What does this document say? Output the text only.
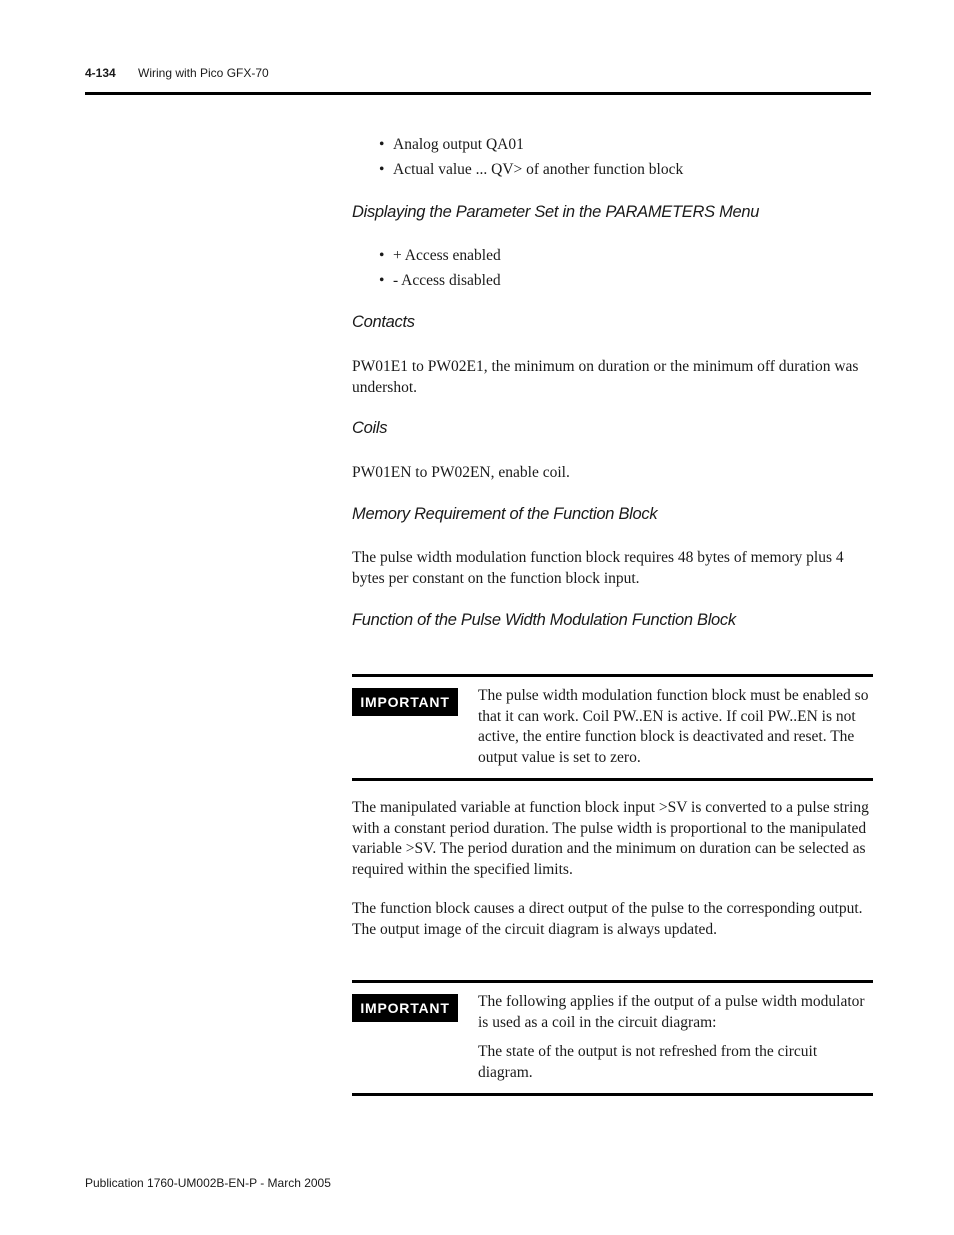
4-134 Wiring with Pico GFX-70
• Analog output QA01
• Actual value ... QV> of another function block
Displaying the Parameter Set in the PARAMETERS Menu
• + Access enabled
• - Access disabled
Contacts

PW01E1 to PW02E1, the minimum on duration or the minimum off duration was undershot.

Coils

PW01EN to PW02EN, enable coil.

Memory Requirement of the Function Block

The pulse width modulation function block requires 48 bytes of memory plus 4 bytes per constant on the function block input.

Function of the Pulse Width Modulation Function Block
IMPORTANT	The pulse width modulation function block must be enabled so that it can work. Coil PW..EN is active. If coil PW..EN is not active, the entire function block is deactivated and reset. The output value is set to zero.

The manipulated variable at function block input >SV is converted to a pulse string with a constant period duration. The pulse width is proportional to the manipulated variable >SV. The period duration and the minimum on duration can be selected as required within the specified limits.

The function block causes a direct output of the pulse to the corresponding output. The output image of the circuit diagram is always updated.

IMPORTANT	The following applies if the output of a pulse width modulator is used as a coil in the circuit diagram:

The state of the output is not refreshed from the circuit diagram.

Publication 1760-UM002B-EN-P - March 2005
